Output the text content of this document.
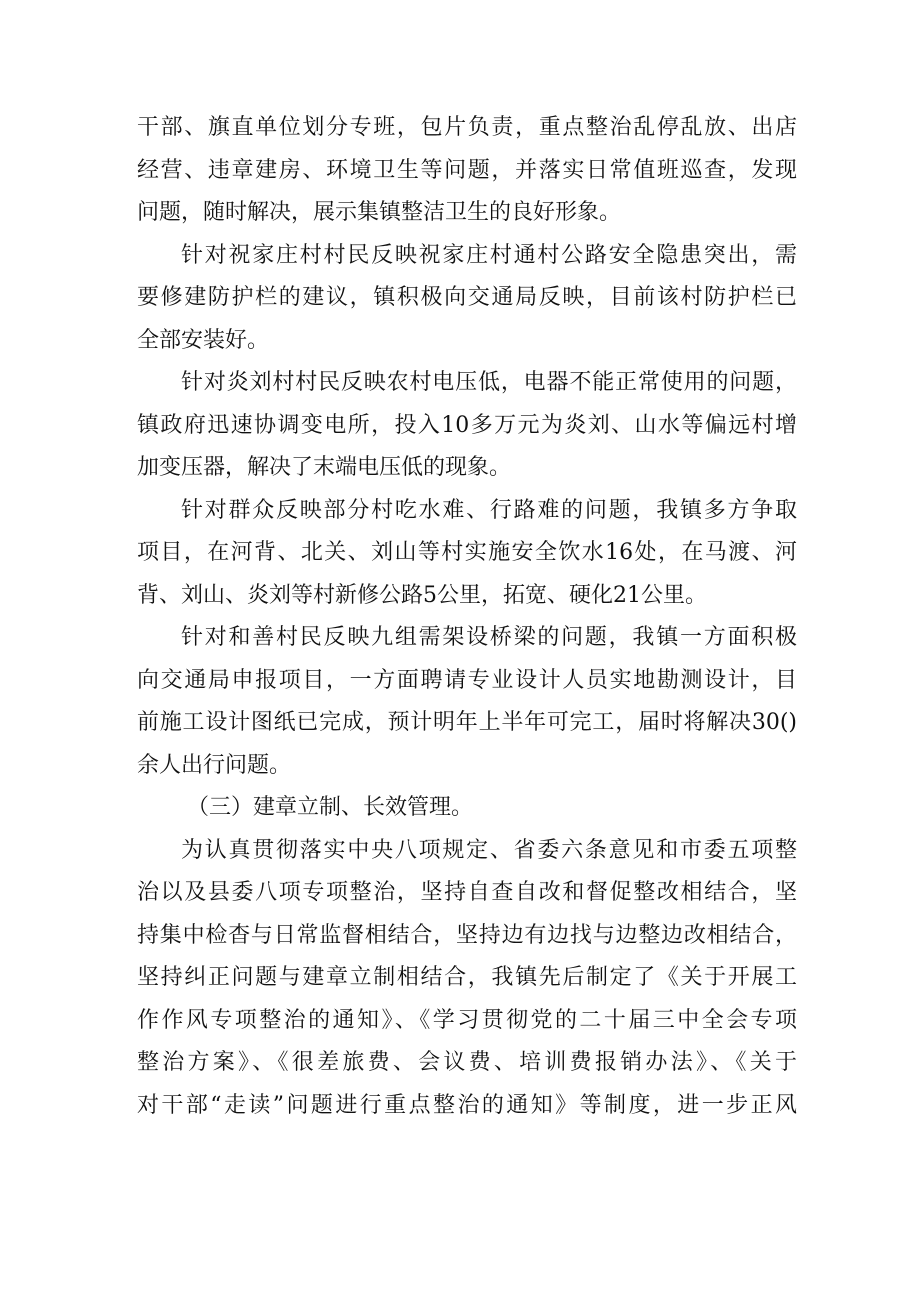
干部、旗直单位划分专班，包片负责，重点整治乱停乱放、出店
经营、违章建房、环境卫生等问题，并落实日常值班巡查，发现
问题，随时解决，展示集镇整洁卫生的良好形象。
针对祝家庄村村民反映祝家庄村通村公路安全隐患突出，需
要修建防护栏的建议，镇积极向交通局反映，目前该村防护栏已
全部安装好。
针对炎刘村村民反映农村电压低，电器不能正常使用的问题，
镇政府迅速协调变电所，投入10多万元为炎刘、山水等偏远村增
加变压器，解决了末端电压低的现象。
针对群众反映部分村吃水难、行路难的问题，我镇多方争取
项目，在河背、北关、刘山等村实施安全饮水16处，在马渡、河
背、刘山、炎刘等村新修公路5公里，拓宽、硬化21公里。
针对和善村民反映九组需架设桥梁的问题，我镇一方面积极
向交通局申报项目，一方面聘请专业设计人员实地勘测设计，目
前施工设计图纸已完成，预计明年上半年可完工，届时将解决30()
余人出行问题。
（三）建章立制、长效管理。
为认真贯彻落实中央八项规定、省委六条意见和市委五项整
治以及县委八项专项整治，坚持自查自改和督促整改相结合，坚
持集中检杳与日常监督相结合，坚持边有边找与边整边改相结合，
坚持纠正问题与建章立制相结合，我镇先后制定了《关于开展工
作作风专项整治的通知》、《学习贯彻党的二十届三中全会专项
整治方案》、《很差旅费、会议费、培训费报销办法》、《关于
对干部“走读”问题进行重点整治的通知》等制度，进一步正风
